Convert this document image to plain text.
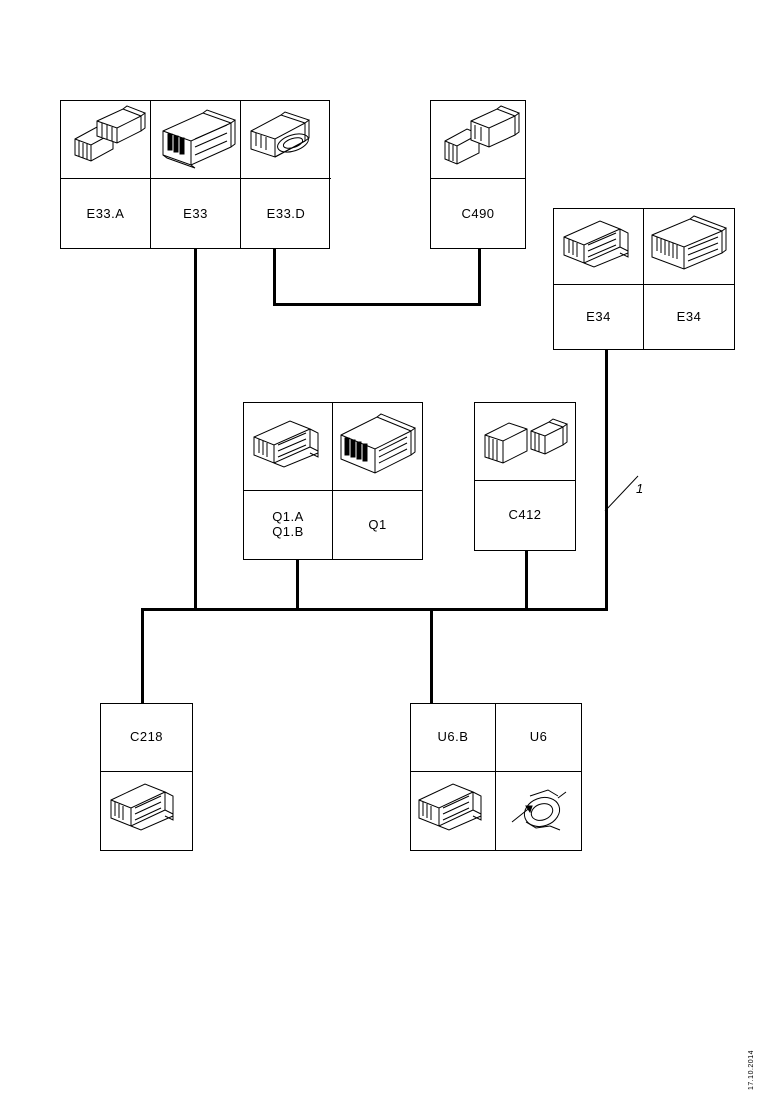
E33.A	E33	E33.D	C490
E34	E34
Q1.A
Q1.B	Q1
C412
C218	U6.B	U6
1
17.10.2014
